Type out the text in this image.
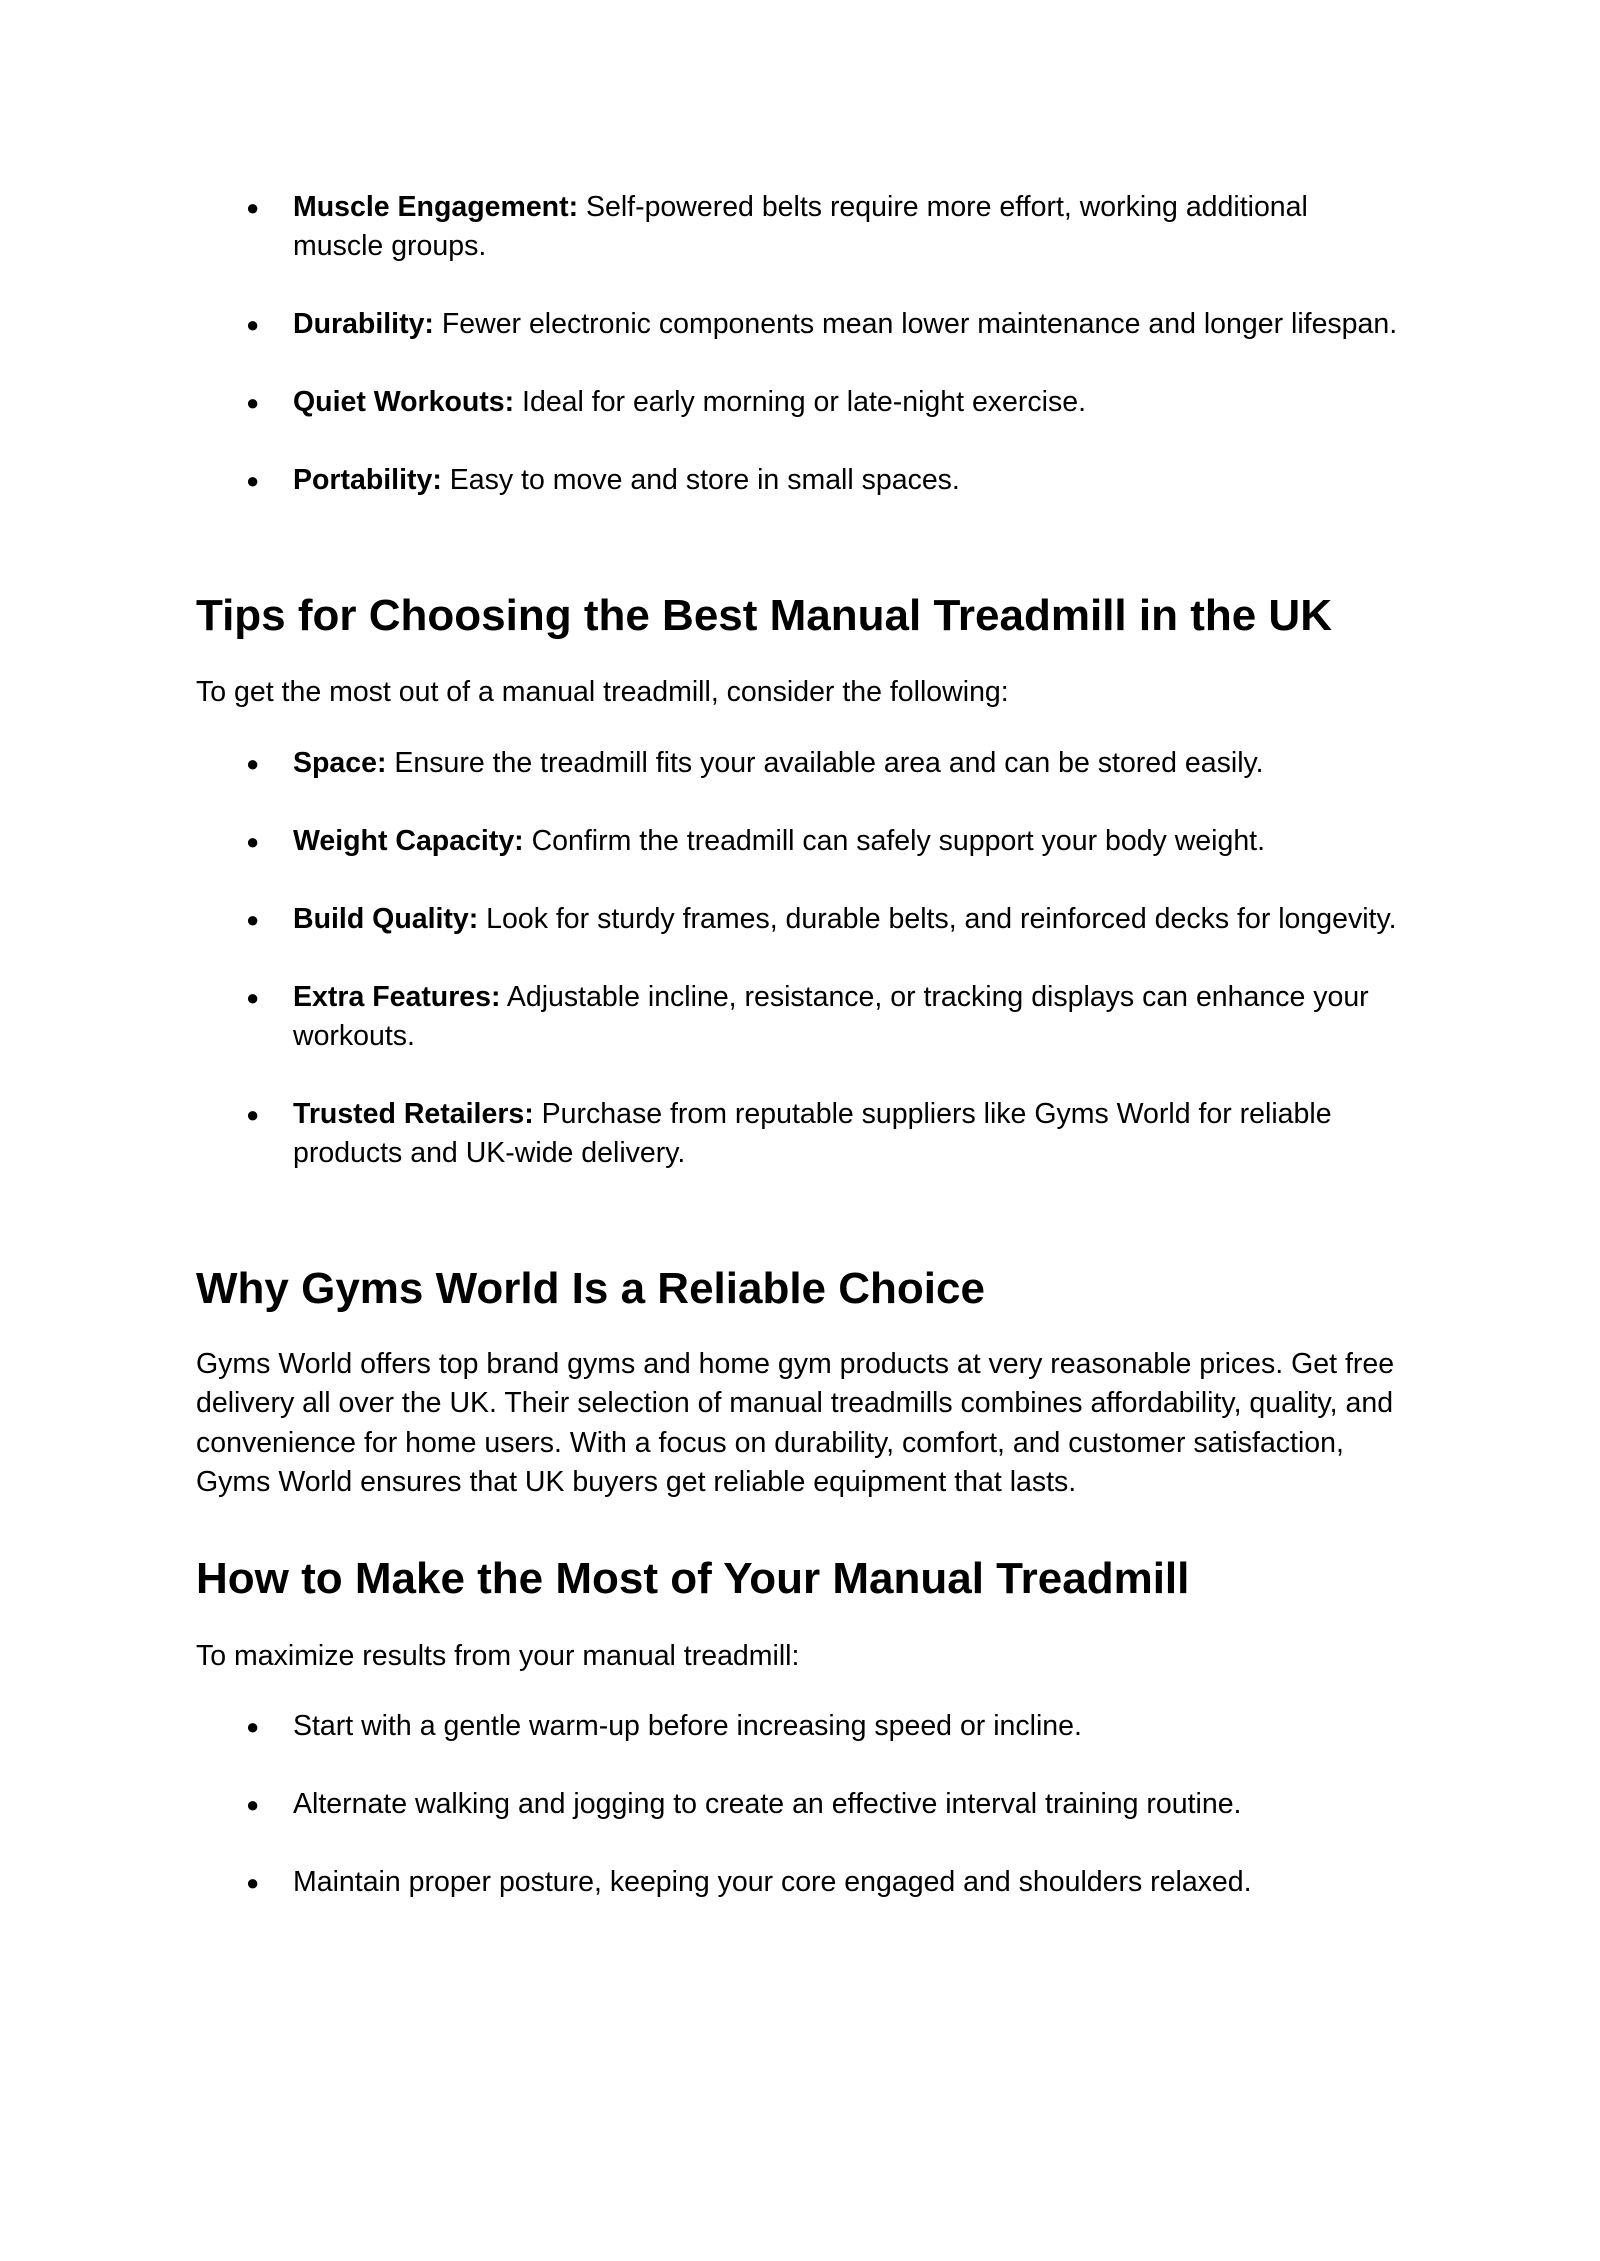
● Muscle Engagement: Self-powered belts require more effort, working additional muscle groups.
● Durability: Fewer electronic components mean lower maintenance and longer lifespan.
● Quiet Workouts: Ideal for early morning or late-night exercise.
● Portability: Easy to move and store in small spaces.
Tips for Choosing the Best Manual Treadmill in the UK

To get the most out of a manual treadmill, consider the following:

● Space: Ensure the treadmill fits your available area and can be stored easily.
● Weight Capacity: Confirm the treadmill can safely support your body weight.
● Build Quality: Look for sturdy frames, durable belts, and reinforced decks for longevity.
● Extra Features: Adjustable incline, resistance, or tracking displays can enhance your workouts.
● Trusted Retailers: Purchase from reputable suppliers like Gyms World for reliable products and UK-wide delivery.
Why Gyms World Is a Reliable Choice

Gyms World offers top brand gyms and home gym products at very reasonable prices. Get free delivery all over the UK. Their selection of manual treadmills combines affordability, quality, and convenience for home users. With a focus on durability, comfort, and customer satisfaction, Gyms World ensures that UK buyers get reliable equipment that lasts.

How to Make the Most of Your Manual Treadmill

To maximize results from your manual treadmill:

● Start with a gentle warm-up before increasing speed or incline.
● Alternate walking and jogging to create an effective interval training routine.
● Maintain proper posture, keeping your core engaged and shoulders relaxed.
